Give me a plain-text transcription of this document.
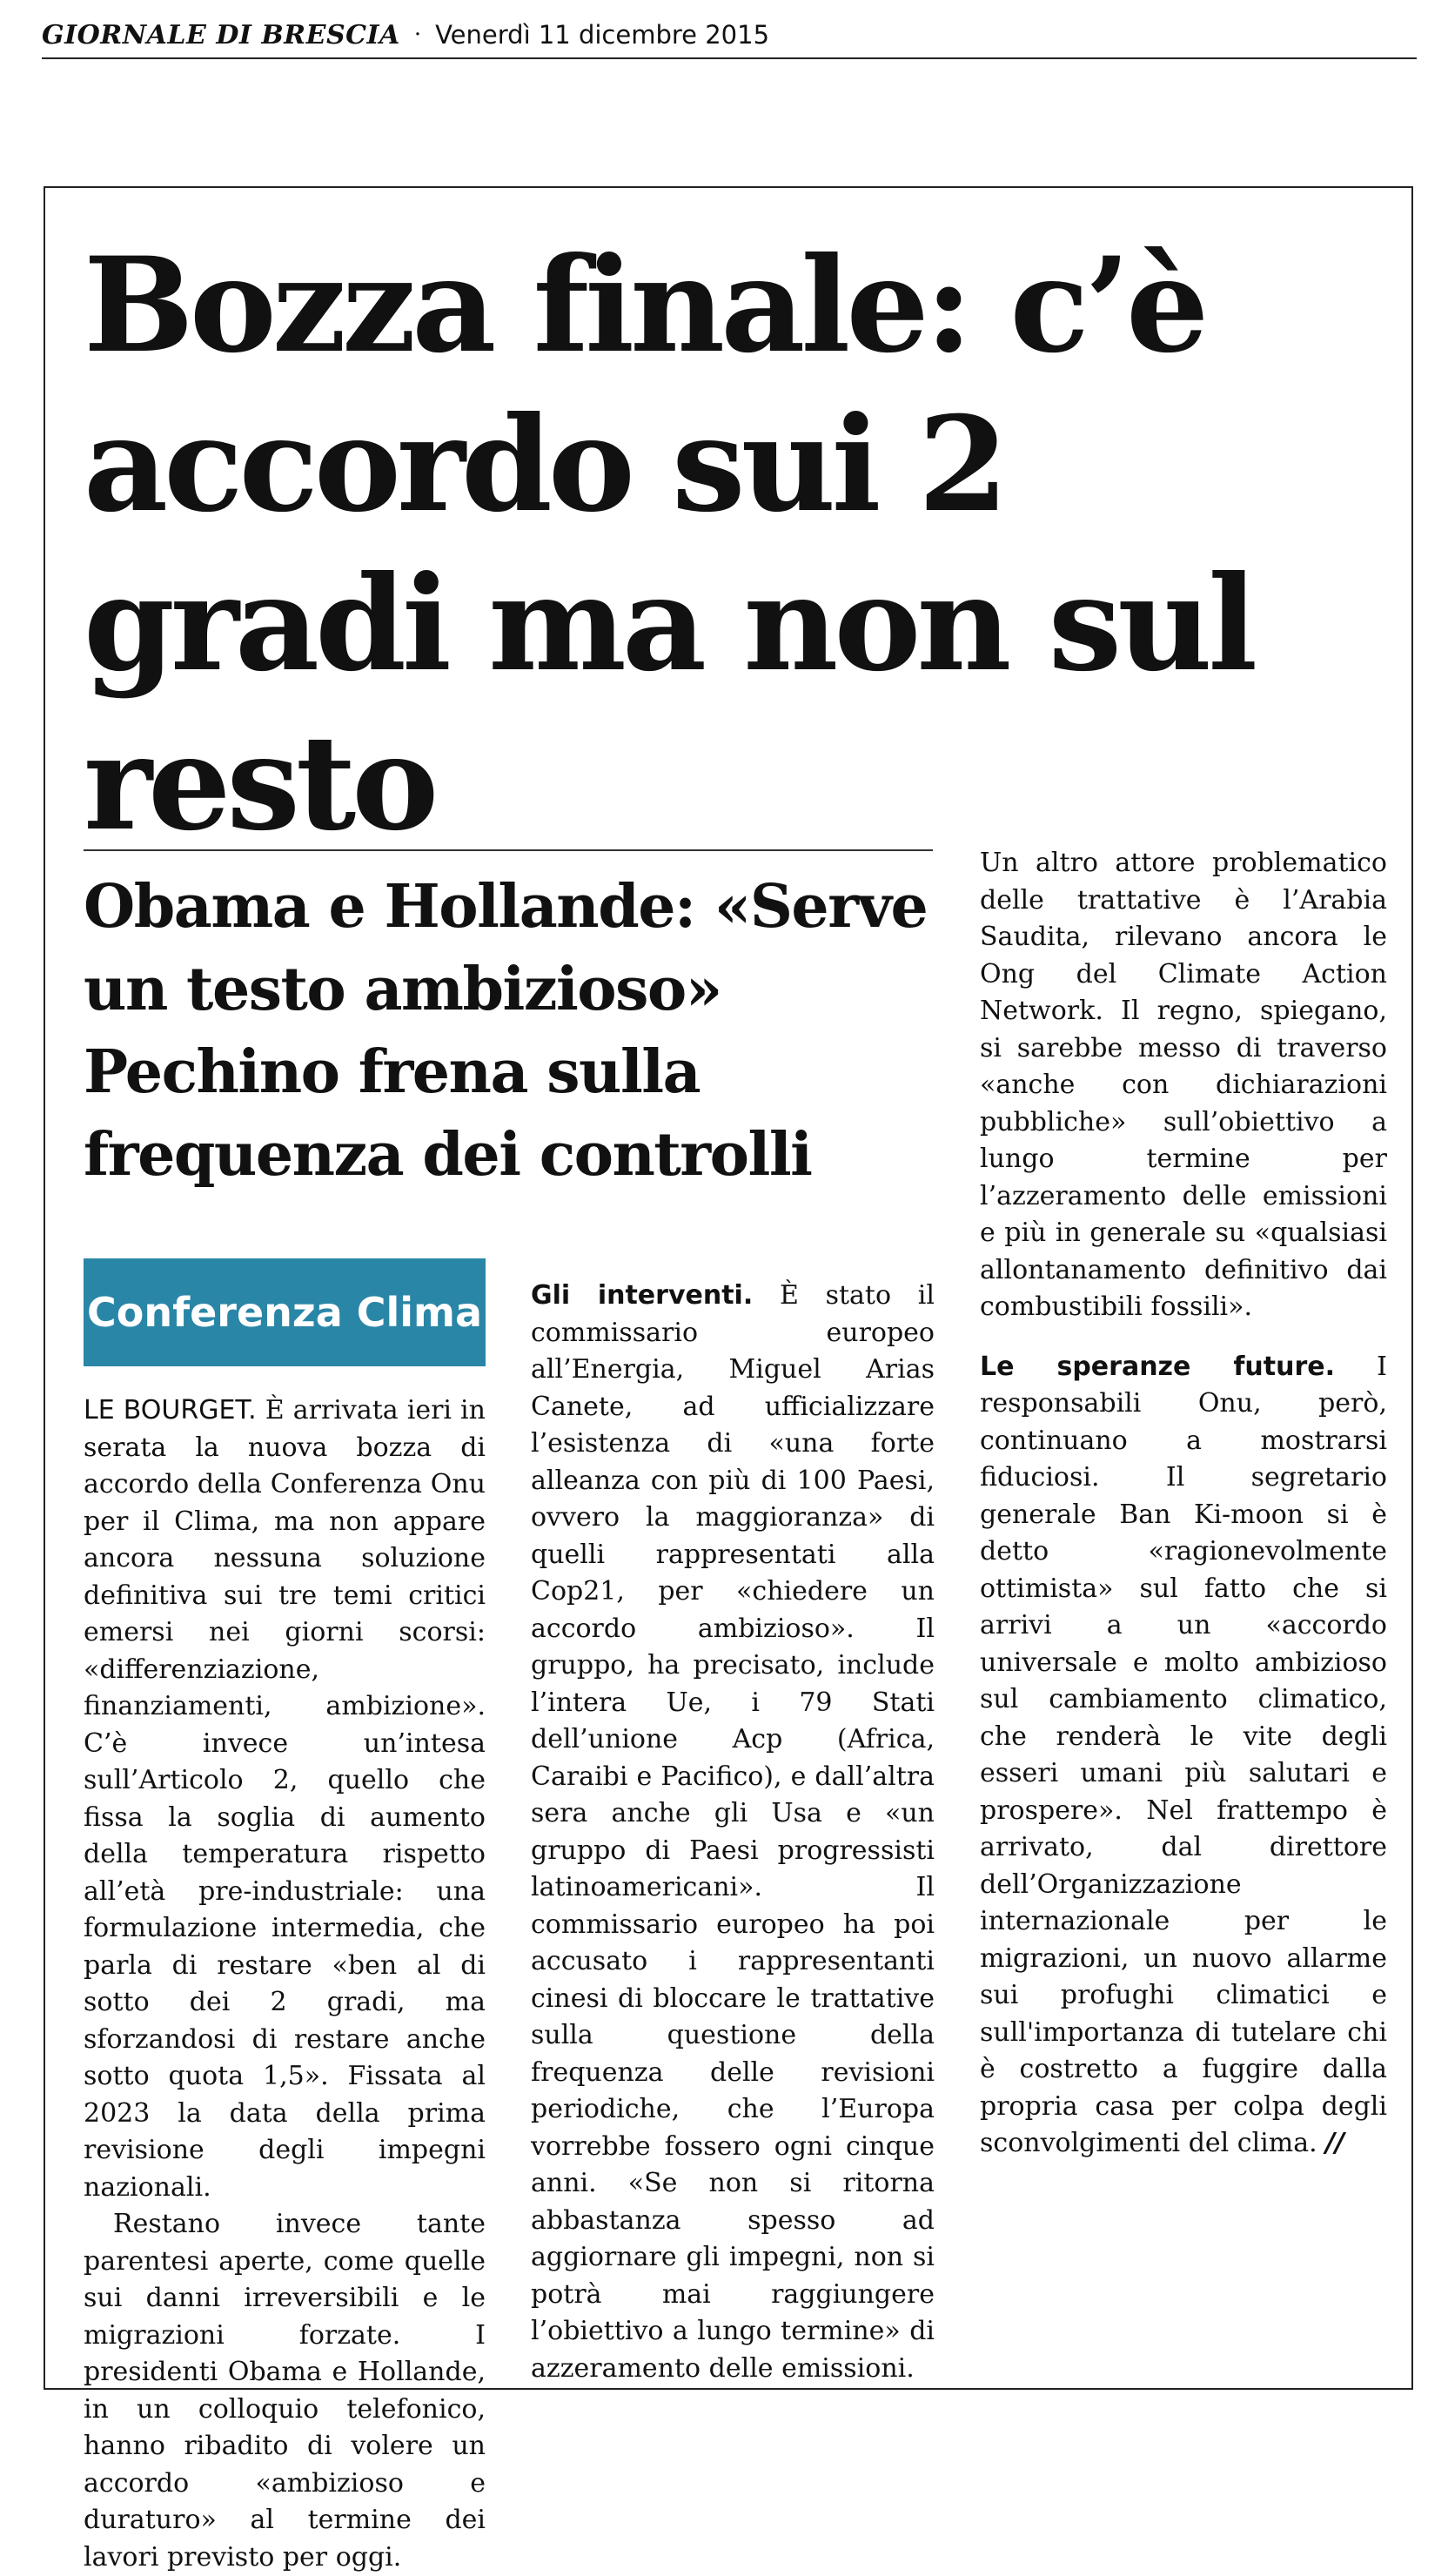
GIORNALE DI BRESCIA · Venerdì 11 dicembre 2015
Bozza finale: c’è accordo sui 2 gradi ma non sul resto
Obama e Hollande: «Serve un testo ambizioso» Pechino frena sulla frequenza dei controlli
Conferenza Clima

LE BOURGET. È arrivata ieri in serata la nuova bozza di accordo della Conferenza Onu per il Clima, ma non appare ancora nessuna soluzione definitiva sui tre temi critici emersi nei giorni scorsi: «differenziazione, finanziamenti, ambizione». C’è invece un’intesa sull’Articolo 2, quello che fissa la soglia di aumento della temperatura rispetto all’età pre-industriale: una formulazione intermedia, che parla di restare «ben al di sotto dei 2 gradi, ma sforzandosi di restare anche sotto quota 1,5». Fissata al 2023 la data della prima revisione degli impegni nazionali.

Restano invece tante parentesi aperte, come quelle sui danni irreversibili e le migrazioni forzate. I presidenti Obama e Hollande, in un colloquio telefonico, hanno ribadito di volere un accordo «ambizioso e duraturo» al termine dei lavori previsto per oggi.

Gli interventi. È stato il commissario europeo all’Energia, Miguel Arias Canete, ad ufficializzare l’esistenza di «una forte alleanza con più di 100 Paesi, ovvero la maggioranza» di quelli rappresentati alla Cop21, per «chiedere un accordo ambizioso». Il gruppo, ha precisato, include l’intera Ue, i 79 Stati dell’unione Acp (Africa, Caraibi e Pacifico), e dall’altra sera anche gli Usa e «un gruppo di Paesi progressisti latinoamericani». Il commissario europeo ha poi accusato i rappresentanti cinesi di bloccare le trattative sulla questione della frequenza delle revisioni periodiche, che l’Europa vorrebbe fossero ogni cinque anni. «Se non si ritorna abbastanza spesso ad aggiornare gli impegni, non si potrà mai raggiungere l’obiettivo a lungo termine» di azzeramento delle emissioni.

Un altro attore problematico delle trattative è l’Arabia Saudita, rilevano ancora le Ong del Climate Action Network. Il regno, spiegano, si sarebbe messo di traverso «anche con dichiarazioni pubbliche» sull’obiettivo a lungo termine per l’azzeramento delle emissioni e più in generale su «qualsiasi allontanamento definitivo dai combustibili fossili».

Le speranze future. I responsabili Onu, però, continuano a mostrarsi fiduciosi. Il segretario generale Ban Ki-moon si è detto «ragionevolmente ottimista» sul fatto che si arrivi a un «accordo universale e molto ambizioso sul cambiamento climatico, che renderà le vite degli esseri umani più salutari e prospere». Nel frattempo è arrivato, dal direttore dell’Organizzazione internazionale per le migrazioni, un nuovo allarme sui profughi climatici e sull'importanza di tutelare chi è costretto a fuggire dalla propria casa per colpa degli sconvolgimenti del clima. //
